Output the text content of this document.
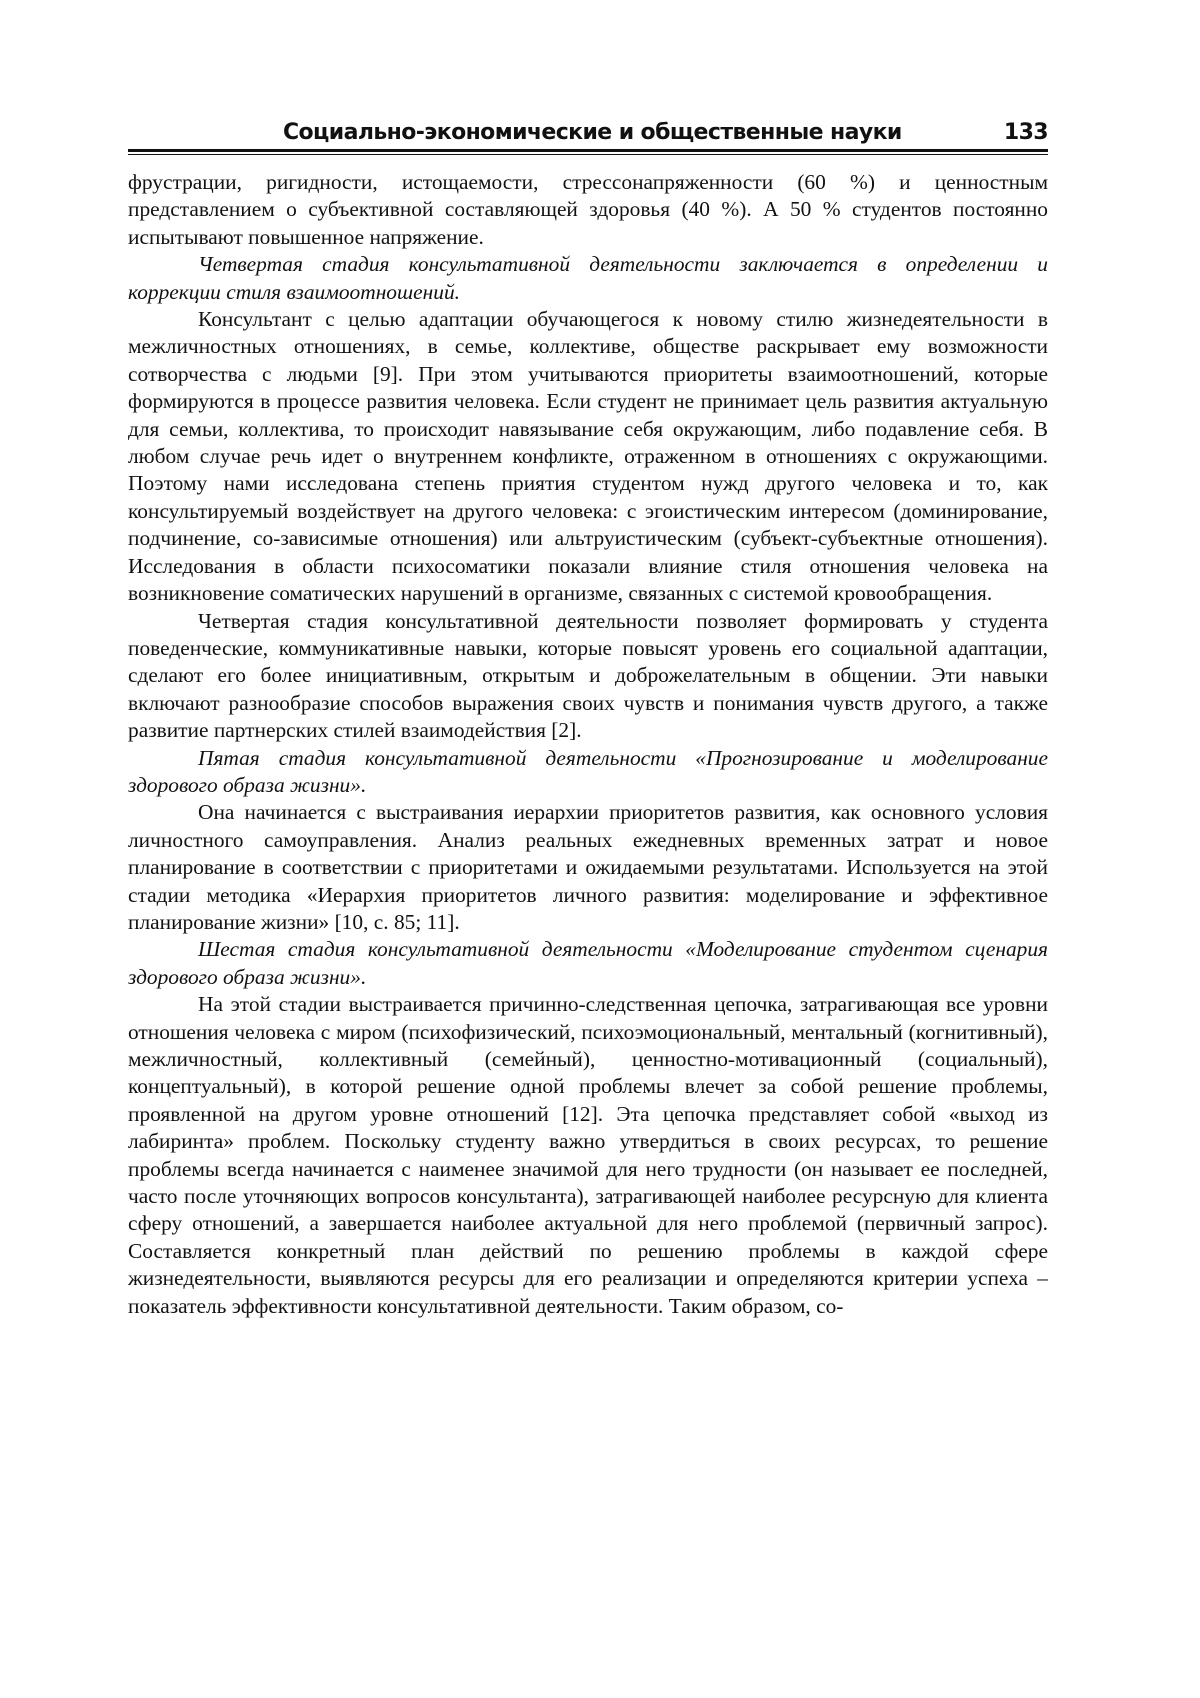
Социально-экономические и общественные науки	133

фрустрации, ригидности, истощаемости, стрессонапряженности (60 %) и ценностным представлением о субъективной составляющей здоровья (40 %). А 50 % студентов постоянно испытывают повышенное напряжение.

Четвертая стадия консультативной деятельности заключается в определении и коррекции стиля взаимоотношений.

Консультант с целью адаптации обучающегося к новому стилю жизнедеятельности в межличностных отношениях, в семье, коллективе, обществе раскрывает ему возможности сотворчества с людьми [9]. При этом учитываются приоритеты взаимоотношений, которые формируются в процессе развития человека. Если студент не принимает цель развития актуальную для семьи, коллектива, то происходит навязывание себя окружающим, либо подавление себя. В любом случае речь идет о внутреннем конфликте, отраженном в отношениях с окружающими. Поэтому нами исследована степень приятия студентом нужд другого человека и то, как консультируемый воздействует на другого человека: с эгоистическим интересом (доминирование, подчинение, со-зависимые отношения) или альтруистическим (субъект-субъектные отношения). Исследования в области психосоматики показали влияние стиля отношения человека на возникновение соматических нарушений в организме, связанных с системой кровообращения.

Четвертая стадия консультативной деятельности позволяет формировать у студента поведенческие, коммуникативные навыки, которые повысят уровень его социальной адаптации, сделают его более инициативным, открытым и доброжелательным в общении. Эти навыки включают разнообразие способов выражения своих чувств и понимания чувств другого, а также развитие партнерских стилей взаимодействия [2].

Пятая стадия консультативной деятельности «Прогнозирование и моделирование здорового образа жизни».

Она начинается с выстраивания иерархии приоритетов развития, как основного условия личностного самоуправления. Анализ реальных ежедневных временных затрат и новое планирование в соответствии с приоритетами и ожидаемыми результатами. Используется на этой стадии методика «Иерархия приоритетов личного развития: моделирование и эффективное планирование жизни» [10, с. 85; 11].

Шестая стадия консультативной деятельности «Моделирование студентом сценария здорового образа жизни».

На этой стадии выстраивается причинно-следственная цепочка, затрагивающая все уровни отношения человека с миром (психофизический, психоэмоциональный, ментальный (когнитивный), межличностный, коллективный (семейный), ценностно-мотивационный (социальный), концептуальный), в которой решение одной проблемы влечет за собой решение проблемы, проявленной на другом уровне отношений [12]. Эта цепочка представляет собой «выход из лабиринта» проблем. Поскольку студенту важно утвердиться в своих ресурсах, то решение проблемы всегда начинается с наименее значимой для него трудности (он называет ее последней, часто после уточняющих вопросов консультанта), затрагивающей наиболее ресурсную для клиента сферу отношений, а завершается наиболее актуальной для него проблемой (первичный запрос). Составляется конкретный план действий по решению проблемы в каждой сфере жизнедеятельности, выявляются ресурсы для его реализации и определяются критерии успеха – показатель эффективности консультативной деятельности. Таким образом, со-
